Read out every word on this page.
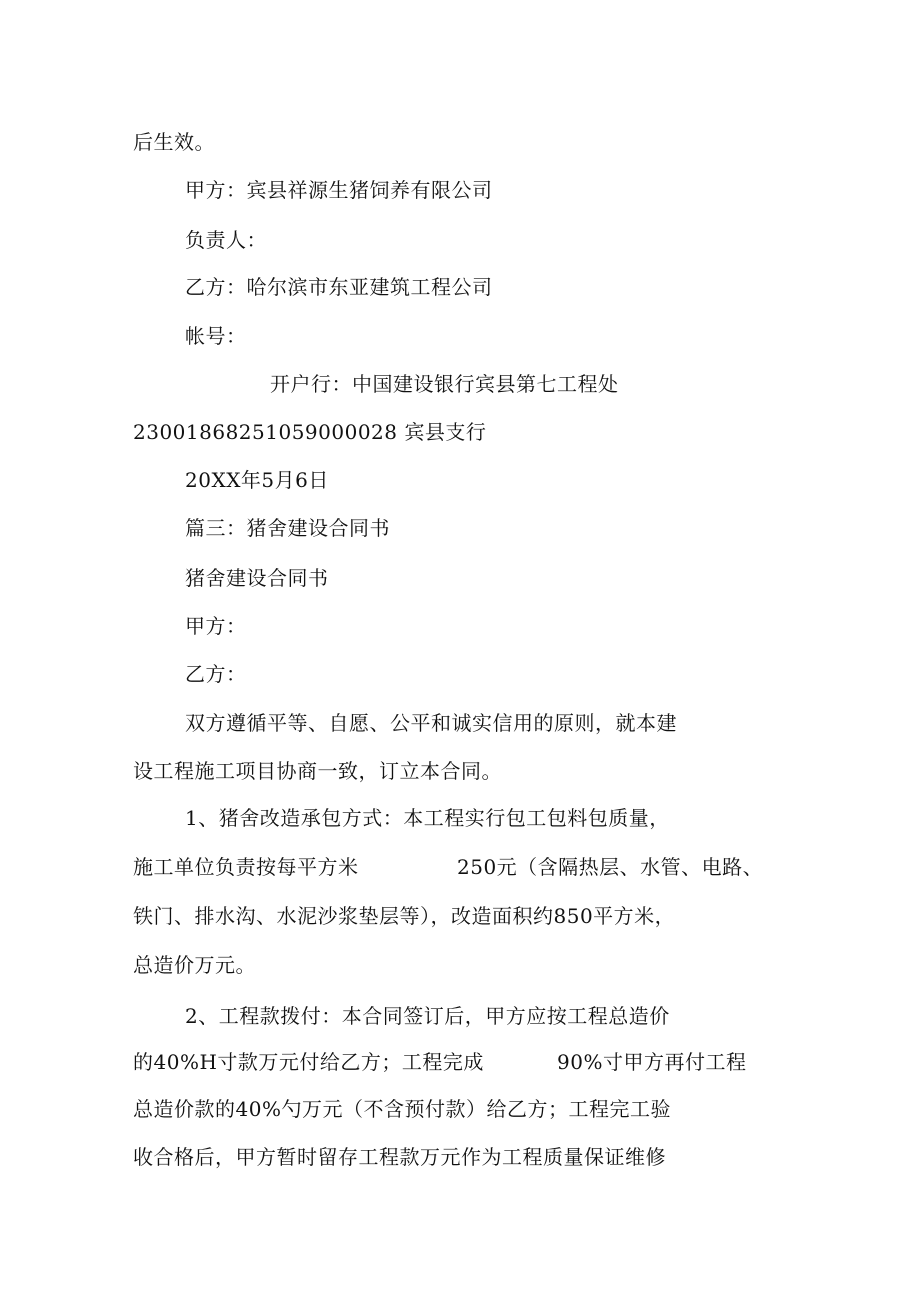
后生效。
甲方：宾县祥源生猪饲养有限公司
负责人：
乙方：哈尔滨市东亚建筑工程公司
帐号：
开户行：中国建设银行宾县第七工程处
23001868251059000028 宾县支行
20XX年5月6日
篇三：猪舍建设合同书
猪舍建设合同书
甲方：
乙方：
双方遵循平等、自愿、公平和诚实信用的原则，就本建
设工程施工项目协商一致，订立本合同。
1、猪舍改造承包方式：本工程实行包工包料包质量，
施工单位负责按每平方米	250元（含隔热层、水管、电路、
铁门、排水沟、水泥沙浆垫层等），改造面积约850平方米，
总造价万元。
2、工程款拨付：本合同签订后，甲方应按工程总造价
的40%H寸款万元付给乙方；工程完成	90%寸甲方再付工程
总造价款的40%勺万元（不含预付款）给乙方；工程完工验
收合格后，甲方暂时留存工程款万元作为工程质量保证维修
